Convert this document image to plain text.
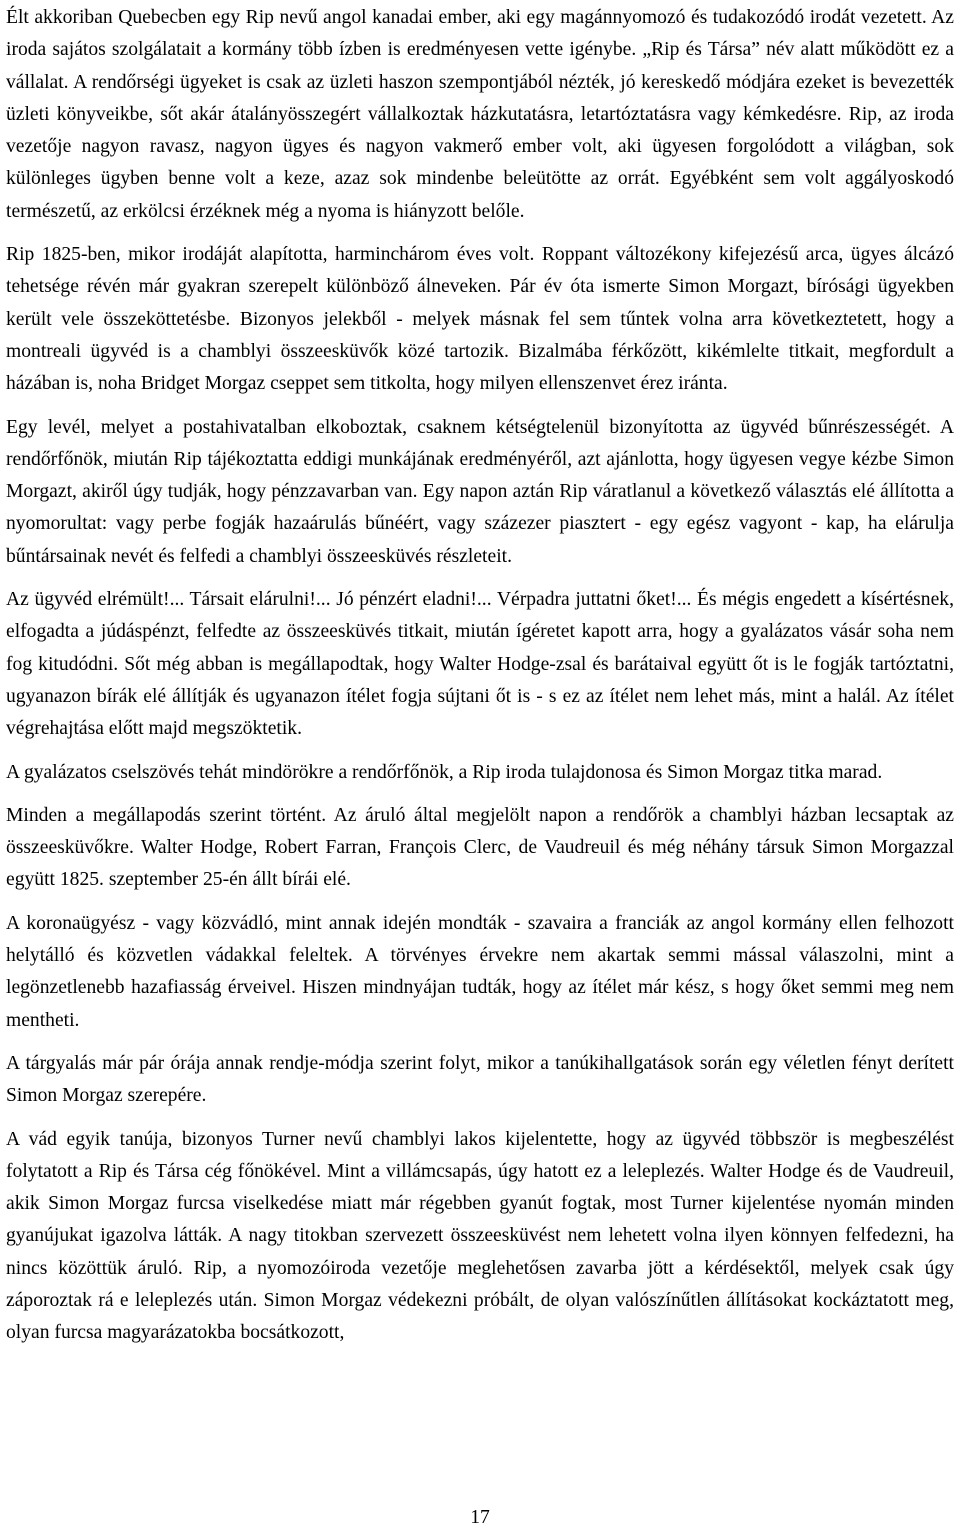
Élt akkoriban Quebecben egy Rip nevű angol kanadai ember, aki egy magánnyomozó és tudakozódó irodát vezetett. Az iroda sajátos szolgálatait a kormány több ízben is eredményesen vette igénybe. „Rip és Társa” név alatt működött ez a vállalat. A rendőrségi ügyeket is csak az üzleti haszon szempontjából nézték, jó kereskedő módjára ezeket is bevezették üzleti könyveikbe, sőt akár átalányösszegért vállalkoztak házkutatásra, letartóztatásra vagy kémkedésre. Rip, az iroda vezetője nagyon ravasz, nagyon ügyes és nagyon vakmerő ember volt, aki ügyesen forgolódott a világban, sok különleges ügyben benne volt a keze, azaz sok mindenbe beleütötte az orrát. Egyébként sem volt aggályoskodó természetű, az erkölcsi érzéknek még a nyoma is hiányzott belőle.

Rip 1825-ben, mikor irodáját alapította, harminchárom éves volt. Roppant változékony kifejezésű arca, ügyes álcázó tehetsége révén már gyakran szerepelt különböző álneveken. Pár év óta ismerte Simon Morgazt, bírósági ügyekben került vele összeköttetésbe. Bizonyos jelekből - melyek másnak fel sem tűntek volna arra következtetett, hogy a montreali ügyvéd is a chamblyi összeesküvők közé tartozik. Bizalmába férkőzött, kikémlelte titkait, megfordult a házában is, noha Bridget Morgaz cseppet sem titkolta, hogy milyen ellenszenvet érez iránta.

Egy levél, melyet a postahivatalban elkoboztak, csaknem kétségtelenül bizonyította az ügyvéd bűnrészességét. A rendőrfőnök, miután Rip tájékoztatta eddigi munkájának eredményéről, azt ajánlotta, hogy ügyesen vegye kézbe Simon Morgazt, akiről úgy tudják, hogy pénzzavarban van. Egy napon aztán Rip váratlanul a következő választás elé állította a nyomorultat: vagy perbe fogják hazaárulás bűnéért, vagy százezer piasztert - egy egész vagyont - kap, ha elárulja bűntársainak nevét és felfedi a chamblyi összeesküvés részleteit.

Az ügyvéd elrémült!... Társait elárulni!... Jó pénzért eladni!... Vérpadra juttatni őket!... És mégis engedett a kísértésnek, elfogadta a júdáspénzt, felfedte az összeesküvés titkait, miután ígéretet kapott arra, hogy a gyalázatos vásár soha nem fog kitudódni. Sőt még abban is megállapodtak, hogy Walter Hodge-zsal és barátaival együtt őt is le fogják tartóztatni, ugyanazon bírák elé állítják és ugyanazon ítélet fogja sújtani őt is - s ez az ítélet nem lehet más, mint a halál. Az ítélet végrehajtása előtt majd megszöktetik.

A gyalázatos cselszövés tehát mindörökre a rendőrfőnök, a Rip iroda tulajdonosa és Simon Morgaz titka marad.

Minden a megállapodás szerint történt. Az áruló által megjelölt napon a rendőrök a chamblyi házban lecsaptak az összeesküvőkre. Walter Hodge, Robert Farran, François Clerc, de Vaudreuil és még néhány társuk Simon Morgazzal együtt 1825. szeptember 25-én állt bírái elé.

A koronaügyész - vagy közvádló, mint annak idején mondták - szavaira a franciák az angol kormány ellen felhozott helytálló és közvetlen vádakkal feleltek. A törvényes érvekre nem akartak semmi mással válaszolni, mint a legönzetlenebb hazafiasság érveivel. Hiszen mindnyájan tudták, hogy az ítélet már kész, s hogy őket semmi meg nem mentheti.

A tárgyalás már pár órája annak rendje-módja szerint folyt, mikor a tanúkihallgatások során egy véletlen fényt derített Simon Morgaz szerepére.

A vád egyik tanúja, bizonyos Turner nevű chamblyi lakos kijelentette, hogy az ügyvéd többször is megbeszélést folytatott a Rip és Társa cég főnökével. Mint a villámcsapás, úgy hatott ez a leleplezés. Walter Hodge és de Vaudreuil, akik Simon Morgaz furcsa viselkedése miatt már régebben gyanút fogtak, most Turner kijelentése nyomán minden gyanújukat igazolva látták. A nagy titokban szervezett összeesküvést nem lehetett volna ilyen könnyen felfedezni, ha nincs közöttük áruló. Rip, a nyomozóiroda vezetője meglehetősen zavarba jött a kérdésektől, melyek csak úgy záporoztak rá e leleplezés után. Simon Morgaz védekezni próbált, de olyan valószínűtlen állításokat kockáztatott meg, olyan furcsa magyarázatokba bocsátkozott,

17
